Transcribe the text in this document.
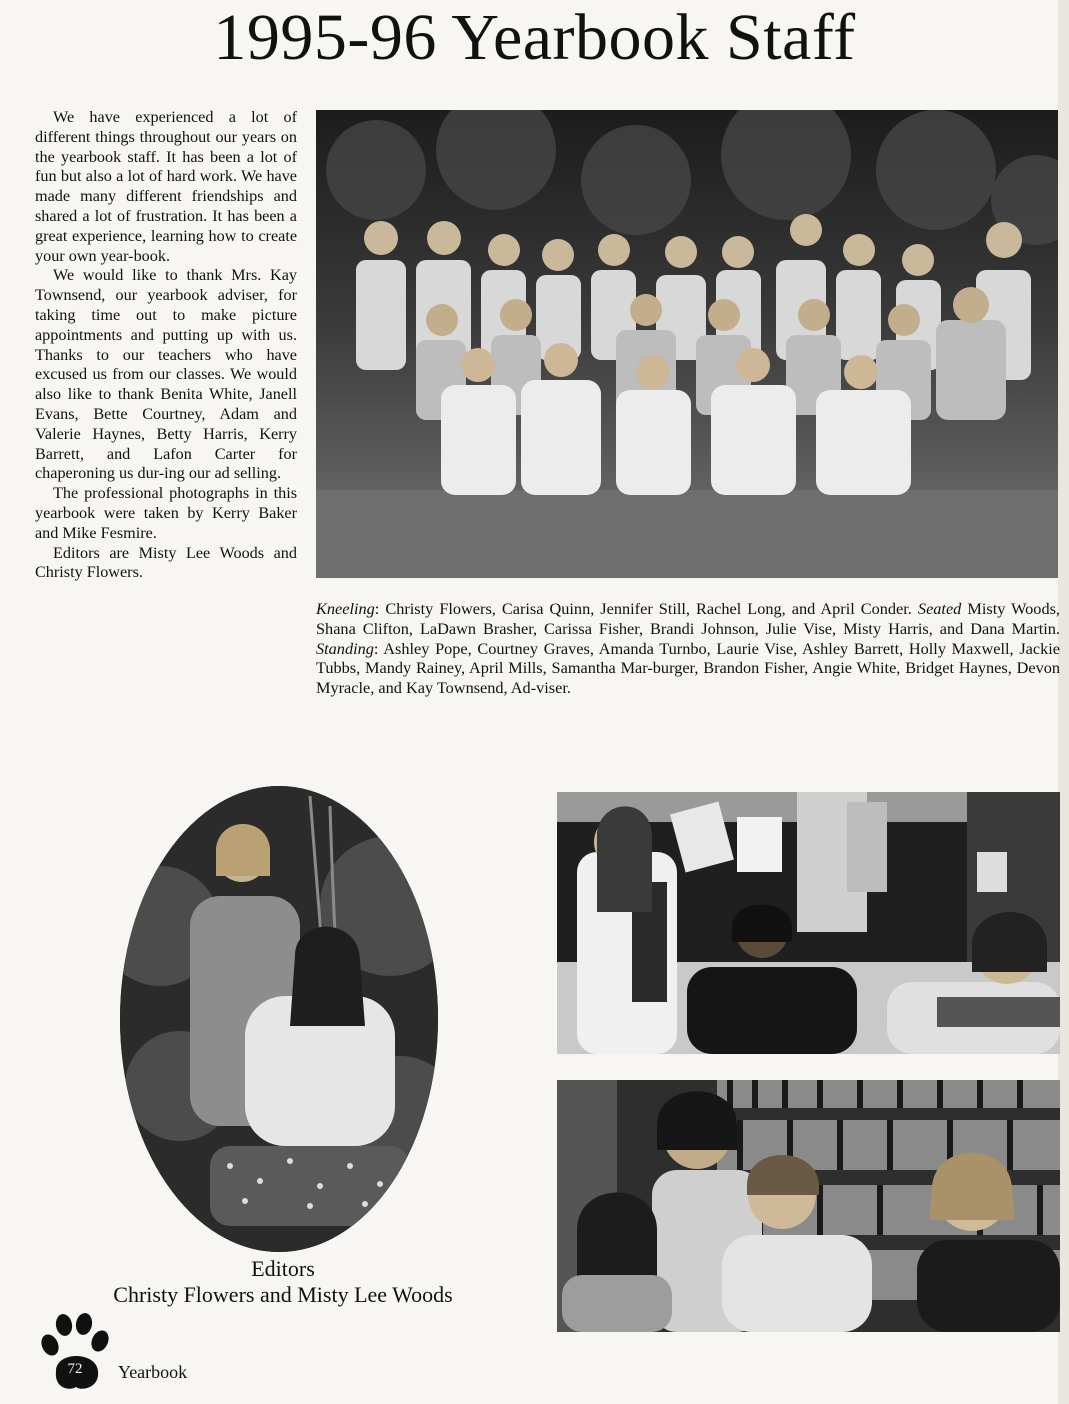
1995-96 Yearbook Staff

We have experienced a lot of different things throughout our years on the yearbook staff. It has been a lot of fun but also a lot of hard work. We have made many different friendships and shared a lot of frustration. It has been a great experience, learning how to create your own year-book.

We would like to thank Mrs. Kay Townsend, our yearbook adviser, for taking time out to make picture appointments and putting up with us. Thanks to our teachers who have excused us from our classes. We would also like to thank Benita White, Janell Evans, Bette Courtney, Adam and Valerie Haynes, Betty Harris, Kerry Barrett, and Lafon Carter for chaperoning us dur-ing our ad selling.

The professional photographs in this yearbook were taken by Kerry Baker and Mike Fesmire.

Editors are Misty Lee Woods and Christy Flowers.

Kneeling: Christy Flowers, Carisa Quinn, Jennifer Still, Rachel Long, and April Conder. Seated Misty Woods, Shana Clifton, LaDawn Brasher, Carissa Fisher, Brandi Johnson, Julie Vise, Misty Harris, and Dana Martin. Standing: Ashley Pope, Courtney Graves, Amanda Turnbo, Laurie Vise, Ashley Barrett, Holly Maxwell, Jackie Tubbs, Mandy Rainey, April Mills, Samantha Mar-burger, Brandon Fisher, Angie White, Bridget Haynes, Devon Myracle, and Kay Townsend, Ad-viser.
Editors
Christy Flowers and Misty Lee Woods
72	Yearbook
